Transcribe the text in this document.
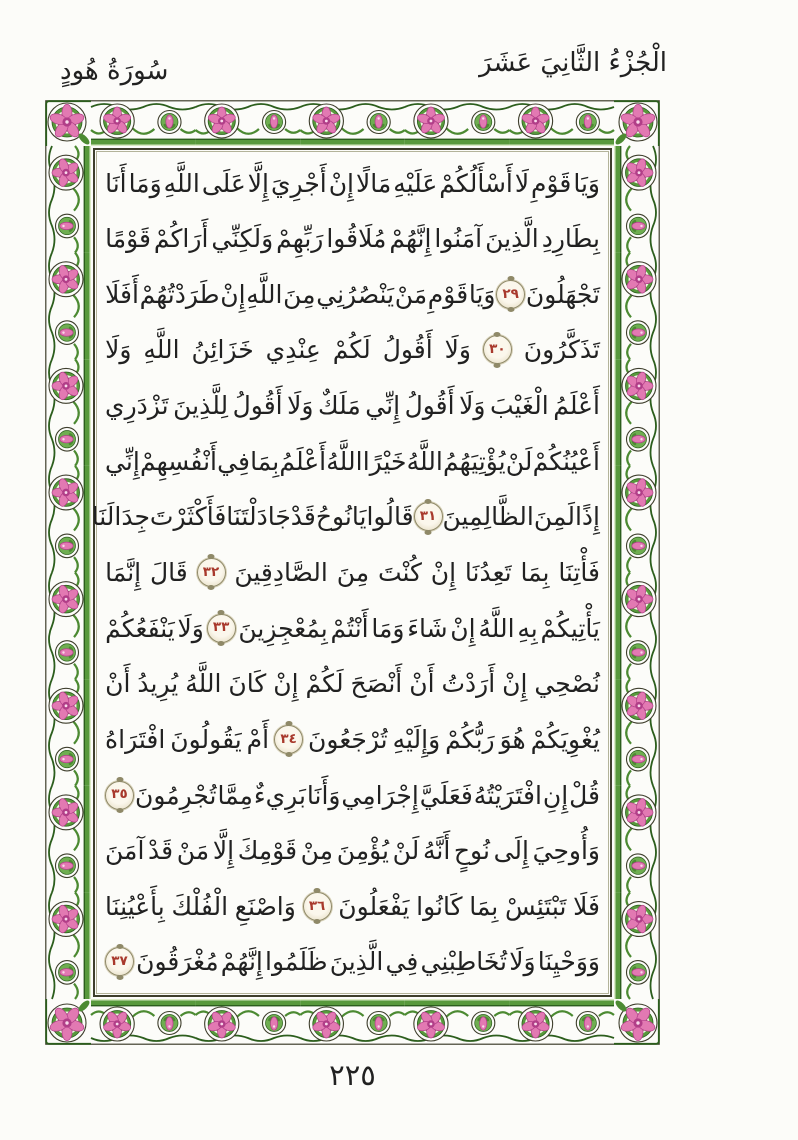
الْجُزْءُ الثَّانِيَ عَشَرَ
سُورَةُ هُودٍ
وَيَا
قَوْمِ
لَا
أَسْأَلُكُمْ
عَلَيْهِ
مَالًا
إِنْ
أَجْرِيَ
إِلَّا
عَلَى
اللَّهِ
وَمَا
أَنَا
بِطَارِدِ
الَّذِينَ
آمَنُوا
إِنَّهُمْ
مُلَاقُوا
رَبِّهِمْ
وَلَكِنِّي
أَرَاكُمْ
قَوْمًا
تَجْهَلُونَ
٢٩
وَيَا
قَوْمِ
مَنْ
يَنْصُرُنِي
مِنَ
اللَّهِ
إِنْ
طَرَدْتُهُمْ
أَفَلَا
تَذَكَّرُونَ
٣٠
وَلَا
أَقُولُ
لَكُمْ
عِنْدِي
خَزَائِنُ
اللَّهِ
وَلَا
أَعْلَمُ
الْغَيْبَ
وَلَا
أَقُولُ
إِنِّي
مَلَكٌ
وَلَا
أَقُولُ
لِلَّذِينَ
تَزْدَرِي
أَعْيُنُكُمْ
لَنْ
يُؤْتِيَهُمُ
اللَّهُ
خَيْرًا
اللَّهُ
أَعْلَمُ
بِمَا
فِي
أَنْفُسِهِمْ
إِنِّي
إِذًا
لَمِنَ
الظَّالِمِينَ
٣١
قَالُوا
يَا
نُوحُ
قَدْ
جَادَلْتَنَا
فَأَكْثَرْتَ
جِدَالَنَا
فَأْتِنَا
بِمَا
تَعِدُنَا
إِنْ
كُنْتَ
مِنَ
الصَّادِقِينَ
٣٢
قَالَ
إِنَّمَا
يَأْتِيكُمْ
بِهِ
اللَّهُ
إِنْ
شَاءَ
وَمَا
أَنْتُمْ
بِمُعْجِزِينَ
٣٣
وَلَا
يَنْفَعُكُمْ
نُصْحِي
إِنْ
أَرَدْتُ
أَنْ
أَنْصَحَ
لَكُمْ
إِنْ
كَانَ
اللَّهُ
يُرِيدُ
أَنْ
يُغْوِيَكُمْ
هُوَ
رَبُّكُمْ
وَإِلَيْهِ
تُرْجَعُونَ
٣٤
أَمْ
يَقُولُونَ
افْتَرَاهُ
قُلْ
إِنِ
افْتَرَيْتُهُ
فَعَلَيَّ
إِجْرَامِي
وَأَنَا
بَرِيءٌ
مِمَّا
تُجْرِمُونَ
٣٥
وَأُوحِيَ
إِلَى
نُوحٍ
أَنَّهُ
لَنْ
يُؤْمِنَ
مِنْ
قَوْمِكَ
إِلَّا
مَنْ
قَدْ
آمَنَ
فَلَا
تَبْتَئِسْ
بِمَا
كَانُوا
يَفْعَلُونَ
٣٦
وَاصْنَعِ
الْفُلْكَ
بِأَعْيُنِنَا
وَوَحْيِنَا
وَلَا
تُخَاطِبْنِي
فِي
الَّذِينَ
ظَلَمُوا
إِنَّهُمْ
مُغْرَقُونَ
٣٧
٢٢٥
